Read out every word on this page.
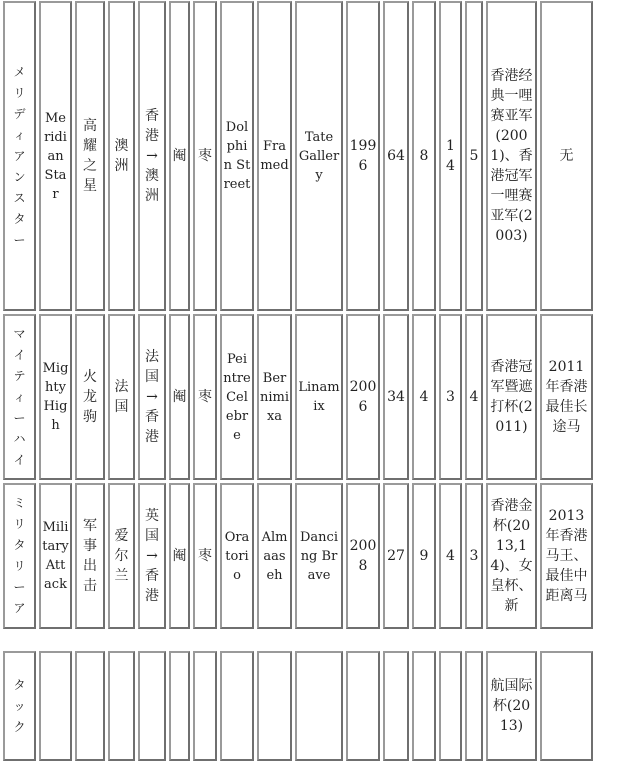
メリディアンスター	Meridian Star	高耀之星	澳洲	香港→澳洲	阉	枣	Dolphin Street	Framed	Tate Gallery	1996	64	8	14	5	香港经典一哩赛亚军(2001)、香港冠军一哩赛亚军(2003)	无
マイティーハイ	Mighty High	火龙驹	法国	法国→香港	阉	枣	Peintre Celebre	Bernimixa	Linamix	2006	34	4	3	4	香港冠军暨遮打杯(2011)	2011年香港最佳长途马
ミリタリーア	Military Attack	军事出击	爱尔兰	英国→香港	阉	枣	Oratorio	Almaaseh	Dancing Brave	2008	27	9	4	3	香港金杯(2013,14)、女皇杯、新	2013年香港马王、最佳中距离马
タック															航国际杯(2013)	
